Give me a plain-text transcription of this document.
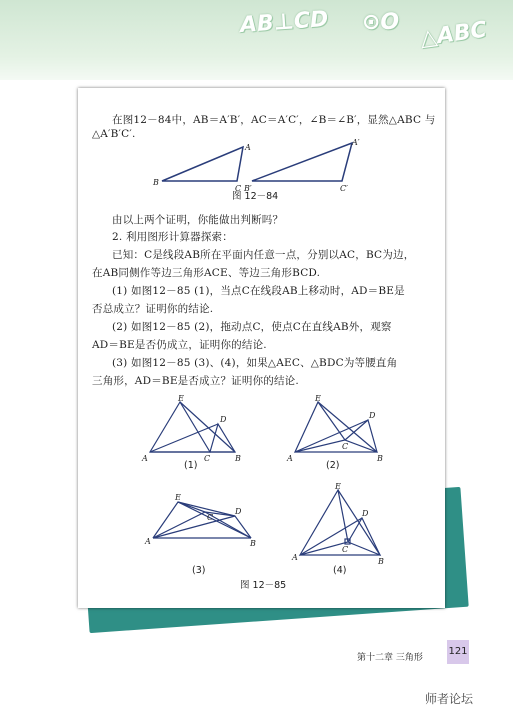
AB⊥CD ⊙O △ABC
在图12－84中，AB＝A′B′，AC＝A′C′，∠B＝∠B′，显然△ABC 与
△A′B′C′.
B
A
C B′
A′
C′
图 12－84
由以上两个证明，你能做出判断吗？
2. 利用图形计算器探索：
已知：C是线段AB所在平面内任意一点，分别以AC，BC为边，
在AB同侧作等边三角形ACE、等边三角形BCD.
(1) 如图12－85 (1)，当点C在线段AB上移动时，AD＝BE是
否总成立？证明你的结论.
(2) 如图12－85 (2)，拖动点C，使点C在直线AB外，观察
AD＝BE是否仍成立，证明你的结论.
(3) 如图12－85 (3)、(4)，如果△AEC、△BDC为等腰直角
三角形，AD＝BE是否成立？证明你的结论.
E
D
A	C	B
(1)
E
D
A
C
B
(2)
E
D
A
C
B
(3)
E
D
A
C
B
(4)
图 12－85
第十二章 三角形
121
师者论坛
